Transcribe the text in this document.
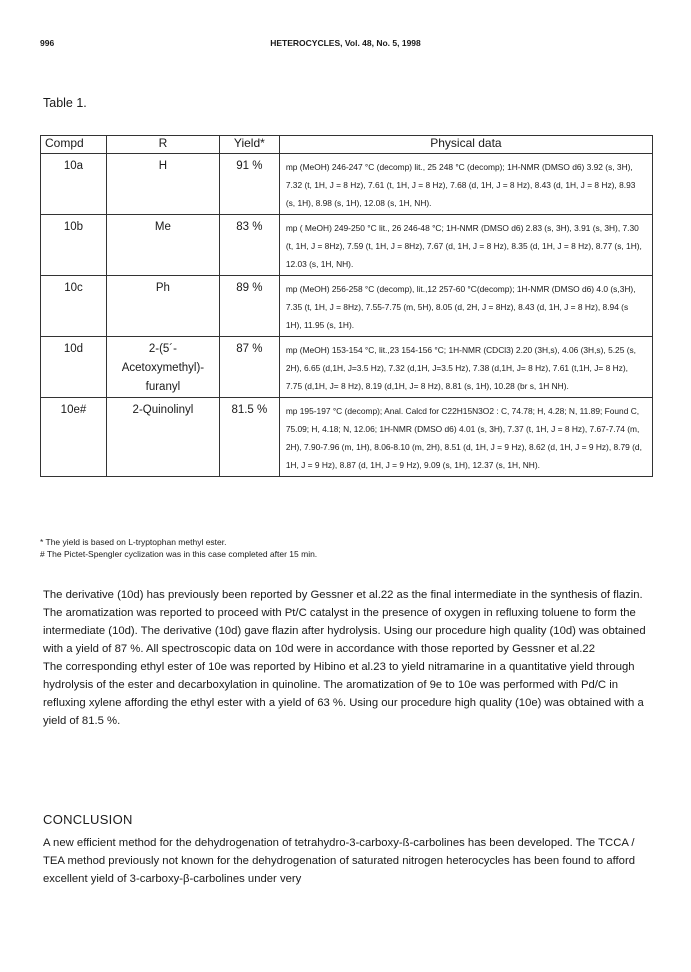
996	HETEROCYCLES, Vol. 48, No. 5, 1998
Table 1.
Compd	R	Yield*	Physical data
10a	H	91 %	mp (MeOH) 246-247 °C (decomp) lit., 25 248 °C (decomp); 1H-NMR (DMSO d6) 3.92 (s, 3H), 7.32 (t, 1H, J = 8 Hz), 7.61 (t, 1H, J = 8 Hz), 7.68 (d, 1H, J = 8 Hz), 8.43 (d, 1H, J = 8 Hz), 8.93 (s, 1H), 8.98 (s, 1H), 12.08 (s, 1H, NH).
10b	Me	83 %	mp ( MeOH) 249-250 °C lit., 26 246-48 °C; 1H-NMR (DMSO d6) 2.83 (s, 3H), 3.91 (s, 3H), 7.30 (t, 1H, J = 8Hz), 7.59 (t, 1H, J = 8Hz), 7.67 (d, 1H, J = 8 Hz), 8.35 (d, 1H, J = 8 Hz), 8.77 (s, 1H), 12.03 (s, 1H, NH).
10c	Ph	89 %	mp (MeOH) 256-258 °C (decomp), lit.,12 257-60 °C(decomp); 1H-NMR (DMSO d6) 4.0 (s,3H), 7.35 (t, 1H, J = 8Hz), 7.55-7.75 (m, 5H), 8.05 (d, 2H, J = 8Hz), 8.43 (d, 1H, J = 8 Hz), 8.94 (s 1H), 11.95 (s, 1H).
10d	2-(5´-Acetoxymethyl)-furanyl	87 %	mp (MeOH) 153-154 °C, lit.,23 154-156 °C; 1H-NMR (CDCl3) 2.20 (3H,s), 4.06 (3H,s), 5.25 (s, 2H), 6.65 (d,1H, J=3.5 Hz), 7.32 (d,1H, J=3.5 Hz), 7.38 (d,1H, J= 8 Hz), 7.61 (t,1H, J= 8 Hz), 7.75 (d,1H, J= 8 Hz), 8.19 (d,1H, J= 8 Hz), 8.81 (s, 1H), 10.28 (br s, 1H NH).
10e#	2-Quinolinyl	81.5 %	mp 195-197 °C (decomp); Anal. Calcd for C22H15N3O2 : C, 74.78; H, 4.28; N, 11.89; Found C, 75.09; H, 4.18; N, 12.06; 1H-NMR (DMSO d6) 4.01 (s, 3H), 7.37 (t, 1H, J = 8 Hz), 7.67-7.74 (m, 2H), 7.90-7.96 (m, 1H), 8.06-8.10 (m, 2H), 8.51 (d, 1H, J = 9 Hz), 8.62 (d, 1H, J = 9 Hz), 8.79 (d, 1H, J = 9 Hz), 8.87 (d, 1H, J = 9 Hz), 9.09 (s, 1H), 12.37 (s, 1H, NH).
* The yield is based on L-tryptophan methyl ester.
# The Pictet-Spengler cyclization was in this case completed after 15 min.
The derivative (10d) has previously been reported by Gessner et al.22 as the final intermediate in the synthesis of flazin. The aromatization was reported to proceed with Pt/C catalyst in the presence of oxygen in refluxing toluene to form the intermediate (10d). The derivative (10d) gave flazin after hydrolysis. Using our procedure high quality (10d) was obtained with a yield of 87 %. All spectroscopic data on 10d were in accordance with those reported by Gessner et al.22
The corresponding ethyl ester of 10e was reported by Hibino et al.23 to yield nitramarine in a quantitative yield through hydrolysis of the ester and decarboxylation in quinoline. The aromatization of 9e to 10e was performed with Pd/C in refluxing xylene affording the ethyl ester with a yield of 63 %. Using our procedure high quality (10e) was obtained with a yield of 81.5 %.
CONCLUSION
A new efficient method for the dehydrogenation of tetrahydro-3-carboxy-ß-carbolines has been developed. The TCCA / TEA method previously not known for the dehydrogenation of saturated nitrogen heterocycles has been found to afford excellent yield of 3-carboxy-β-carbolines under very
